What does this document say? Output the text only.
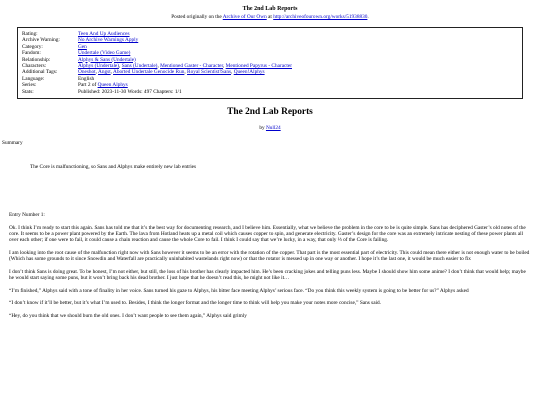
The 2nd Lab Reports
Posted originally on the Archive of Our Own at http://archiveofourown.org/works/51938830.
Rating:	Teen And Up Audiences
Archive Warning:	No Archive Warnings Apply
Category:	Gen
Fandom:	Undertale (Video Game)
Relationship:	Alphys & Sans (Undertale)
Characters:	Alphys (Undertale), Sans (Undertale), Mentioned Gaster - Character, Mentioned Papyrus - Character
Additional Tags:	Oneshot, Angst, Aborted Undertale Genocide Run, Royal Scientist!Sans, Queen!Alphys
Language:	English
Series:	Part 2 of Queen Alphys
Stats:	Published: 2023-11-30 Words: 497 Chapters: 1/1
The 2nd Lab Reports
by Null24
Summary
The Core is malfunctioning, so Sans and Alphys make entirely new lab entries

Entry Number 1:

Ok. I think I’m ready to start this again. Sans has told me that it’s the best way for documenting research, and I believe him. Essentially, what we believe the problem in the core to be is quite simple. Sans has deciphered Gaster’s old notes of the core. It seems to be a power plant powered by the Earth. The lava from Hotland heats up a metal coil which causes copper to spin, and generate electricity. Gaster’s design for the core was an extremely intricate nesting of these power plants all over each other; if one were to fail, it could cause a chain reaction and cause the whole Core to fail. I think I could say that we’re lucky, in a way, that only ⅓ of the Core is failing.

I am looking into the root cause of the malfunction right now with Sans however it seems to be an error with the rotation of the copper. That part is the most essential part of electricity. This could mean there either is not enough water to be boiled (Which has some grounds to it since Snowdin and Waterfall are practically uninhabited wastelands right now) or that the rotator is messed up in one way or another. I hope it’s the last one, it would be much easier to fix

I don’t think Sans is doing great. To be honest, I’m not either, but still, the loss of his brother has clearly impacted him. He’s been cracking jokes and telling puns less. Maybe I should show him some anime? I don’t think that would help; maybe he would start saying some puns, but it won’t bring back his dead brother. I just hope that he doesn’t read this, he might not like it…

“I’m finished,” Alphys said with a tone of finality in her voice. Sans turned his gaze to Alphys, his bitter face meeting Alphys’ serious face. “Do you think this weekly system is going to be better for us?” Alphys asked

“I don’t know if it’ll be better, but it’s what I’m used to. Besides, I think the longer format and the longer time to think will help you make your notes more concise,” Sans said.

“Hey, do you think that we should burn the old ones. I don’t want people to see them again,” Alphys said grimly
